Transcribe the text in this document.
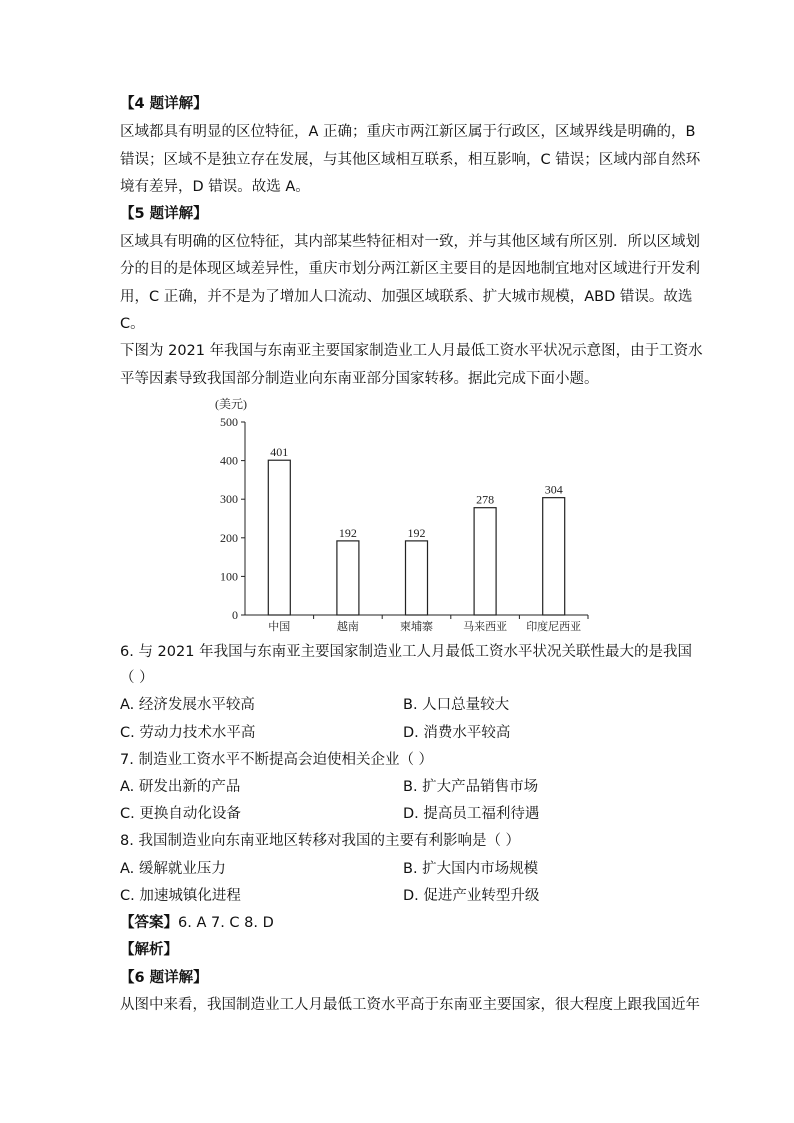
【4 题详解】
区域都具有明显的区位特征，A 正确；重庆市两江新区属于行政区，区域界线是明确的，B
错误；区域不是独立存在发展，与其他区域相互联系，相互影响，C 错误；区域内部自然环
境有差异，D 错误。故选 A。
【5 题详解】
区域具有明确的区位特征，其内部某些特征相对一致，并与其他区域有所区别．所以区域划
分的目的是体现区域差异性，重庆市划分两江新区主要目的是因地制宜地对区域进行开发利
用，C 正确，并不是为了增加人口流动、加强区域联系、扩大城市规模，ABD 错误。故选
C。
下图为 2021 年我国与东南亚主要国家制造业工人月最低工资水平状况示意图，由于工资水
平等因素导致我国部分制造业向东南亚部分国家转移。据此完成下面小题。
(美元)
0
100
200
300
400
500
401
192	192
278
304
中国	越南	柬埔寨	马来西亚 印度尼西亚
6. 与 2021 年我国与东南亚主要国家制造业工人月最低工资水平状况关联性最大的是我国
（ ）
A. 经济发展水平较高	B. 人口总量较大
C. 劳动力技术水平高	D. 消费水平较高
7. 制造业工资水平不断提高会迫使相关企业（ ）
A. 研发出新的产品	B. 扩大产品销售市场
C. 更换自动化设备	D. 提高员工福利待遇
8. 我国制造业向东南亚地区转移对我国的主要有利影响是（ ）
A. 缓解就业压力	B. 扩大国内市场规模
C. 加速城镇化进程	D. 促进产业转型升级
【答案】6. A 7. C 8. D
【解析】
【6 题详解】
从图中来看，我国制造业工人月最低工资水平高于东南亚主要国家，很大程度上跟我国近年
